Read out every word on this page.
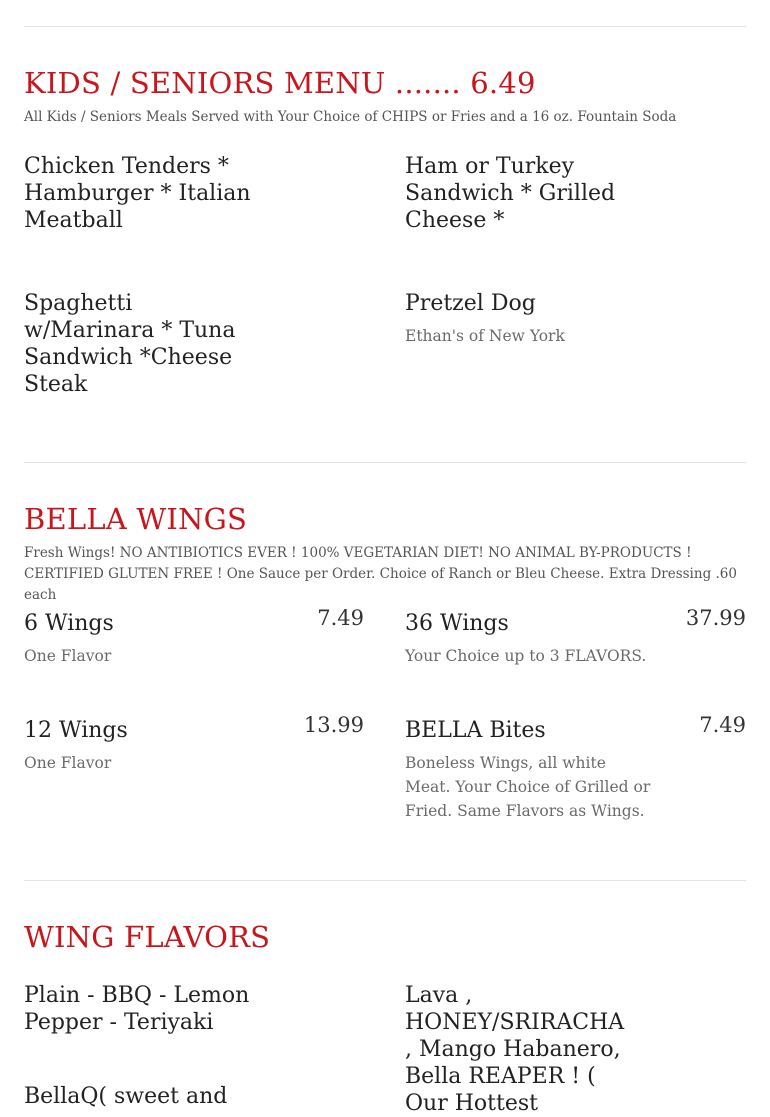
KIDS / SENIORS MENU ....... 6.49

All Kids / Seniors Meals Served with Your Choice of CHIPS or Fries and a 16 oz. Fountain Soda

Chicken Tenders * Hamburger * Italian Meatball
Ham or Turkey Sandwich * Grilled Cheese *
Spaghetti w/Marinara * Tuna Sandwich *Cheese Steak
Pretzel Dog
Ethan's of New York
BELLA WINGS

Fresh Wings! NO ANTIBIOTICS EVER ! 100% VEGETARIAN DIET! NO ANIMAL BY-PRODUCTS ! CERTIFIED GLUTEN FREE ! One Sauce per Order. Choice of Ranch or Bleu Cheese. Extra Dressing .60 each

6 Wings	7.49
One Flavor
36 Wings	37.99
Your Choice up to 3 FLAVORS.
12 Wings	13.99
One Flavor
BELLA Bites	7.49
Boneless Wings, all white Meat. Your Choice of Grilled or Fried. Same Flavors as Wings.
WING FLAVORS
Plain - BBQ - Lemon Pepper - Teriyaki
Lava , HONEY/SRIRACHA , Mango Habanero, Bella REAPER ! ( Our Hottest
BellaQ( sweet and
